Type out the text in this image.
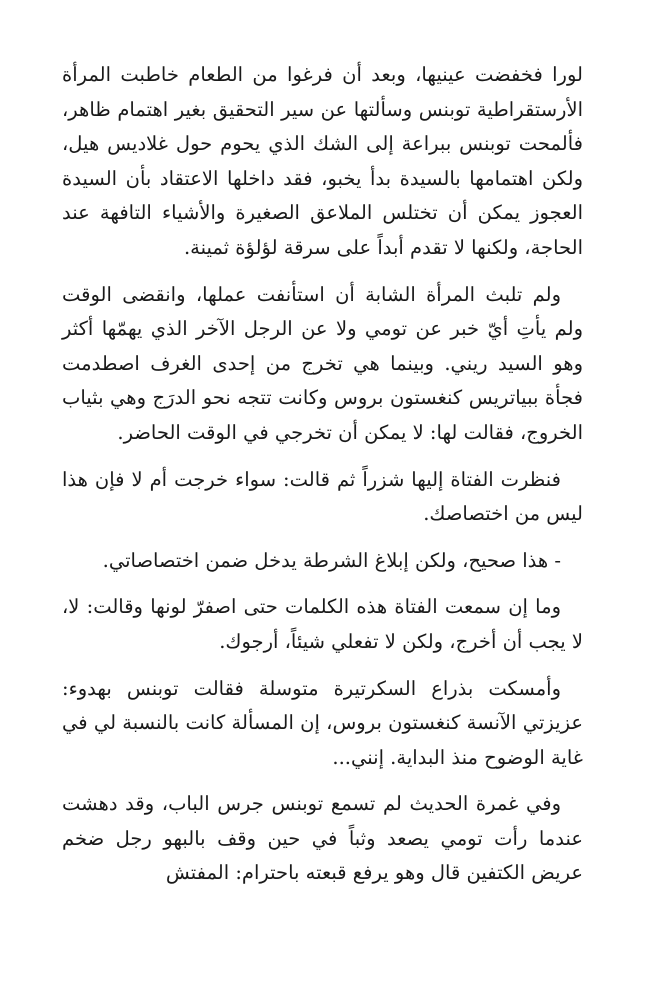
لورا فخفضت عينيها، وبعد أن فرغوا من الطعام خاطبت المرأة الأرستقراطية توبنس وسألتها عن سير التحقيق بغير اهتمام ظاهر، فألمحت توبنس ببراعة إلى الشك الذي يحوم حول غلاديس هيل، ولكن اهتمامها بالسيدة بدأ يخبو، فقد داخلها الاعتقاد بأن السيدة العجوز يمكن أن تختلس الملاعق الصغيرة والأشياء التافهة عند الحاجة، ولكنها لا تقدم أبداً على سرقة لؤلؤة ثمينة.

ولم تلبث المرأة الشابة أن استأنفت عملها، وانقضى الوقت ولم يأتِ أيّ خبر عن تومي ولا عن الرجل الآخر الذي يهمّها أكثر وهو السيد ريني. وبينما هي تخرج من إحدى الغرف اصطدمت فجأة ببياتريس كنغستون بروس وكانت تتجه نحو الدرَج وهي بثياب الخروج، فقالت لها: لا يمكن أن تخرجي في الوقت الحاضر.

فنظرت الفتاة إليها شزراً ثم قالت: سواء خرجت أم لا فإن هذا ليس من اختصاصك.

- هذا صحيح، ولكن إبلاغ الشرطة يدخل ضمن اختصاصاتي.

وما إن سمعت الفتاة هذه الكلمات حتى اصفرّ لونها وقالت: لا، لا يجب أن أخرج، ولكن لا تفعلي شيئاً، أرجوك.

وأمسكت بذراع السكرتيرة متوسلة فقالت توبنس بهدوء: عزيزتي الآنسة كنغستون بروس، إن المسألة كانت بالنسبة لي في غاية الوضوح منذ البداية. إنني...

وفي غمرة الحديث لم تسمع توبنس جرس الباب، وقد دهشت عندما رأت تومي يصعد وثباً في حين وقف بالبهو رجل ضخم عريض الكتفين قال وهو يرفع قبعته باحترام: المفتش
